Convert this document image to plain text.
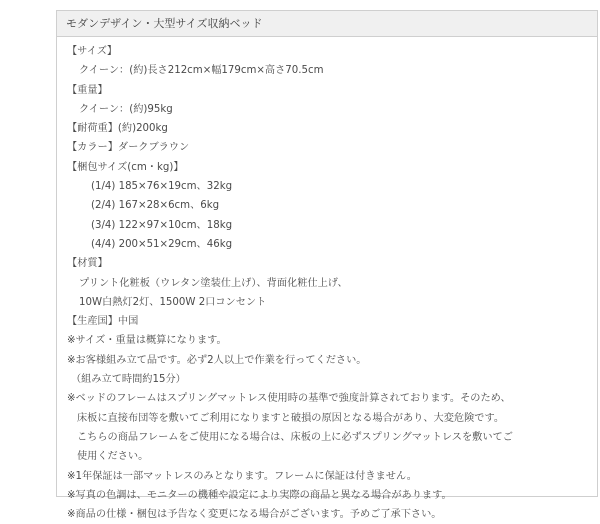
モダンデザイン・大型サイズ収納ベッド
【サイズ】
クイーン：(約)長さ212cm×幅179cm×高さ70.5cm
【重量】
クイーン：(約)95kg
【耐荷重】(約)200kg
【カラー】ダークブラウン
【梱包サイズ(cm・kg)】
(1/4) 185×76×19cm、32kg
(2/4) 167×28×6cm、6kg
(3/4) 122×97×10cm、18kg
(4/4) 200×51×29cm、46kg
【材質】
プリント化粧板（ウレタン塗装仕上げ）、背面化粧仕上げ、
10W白熱灯2灯、1500W 2口コンセント
【生産国】中国
※サイズ・重量は概算になります。
※お客様組み立て品です。必ず2人以上で作業を行ってください。
（組み立て時間約15分）
※ベッドのフレームはスプリングマットレス使用時の基準で強度計算されております。そのため、
床板に直接布団等を敷いてご利用になりますと破損の原因となる場合があり、大変危険です。
こちらの商品フレームをご使用になる場合は、床板の上に必ずスプリングマットレスを敷いてご
使用ください。
※1年保証は一部マットレスのみとなります。フレームに保証は付きません。
※写真の色調は、モニターの機種や設定により実際の商品と異なる場合があります。
※商品の仕様・梱包は予告なく変更になる場合がございます。予めご了承下さい。
